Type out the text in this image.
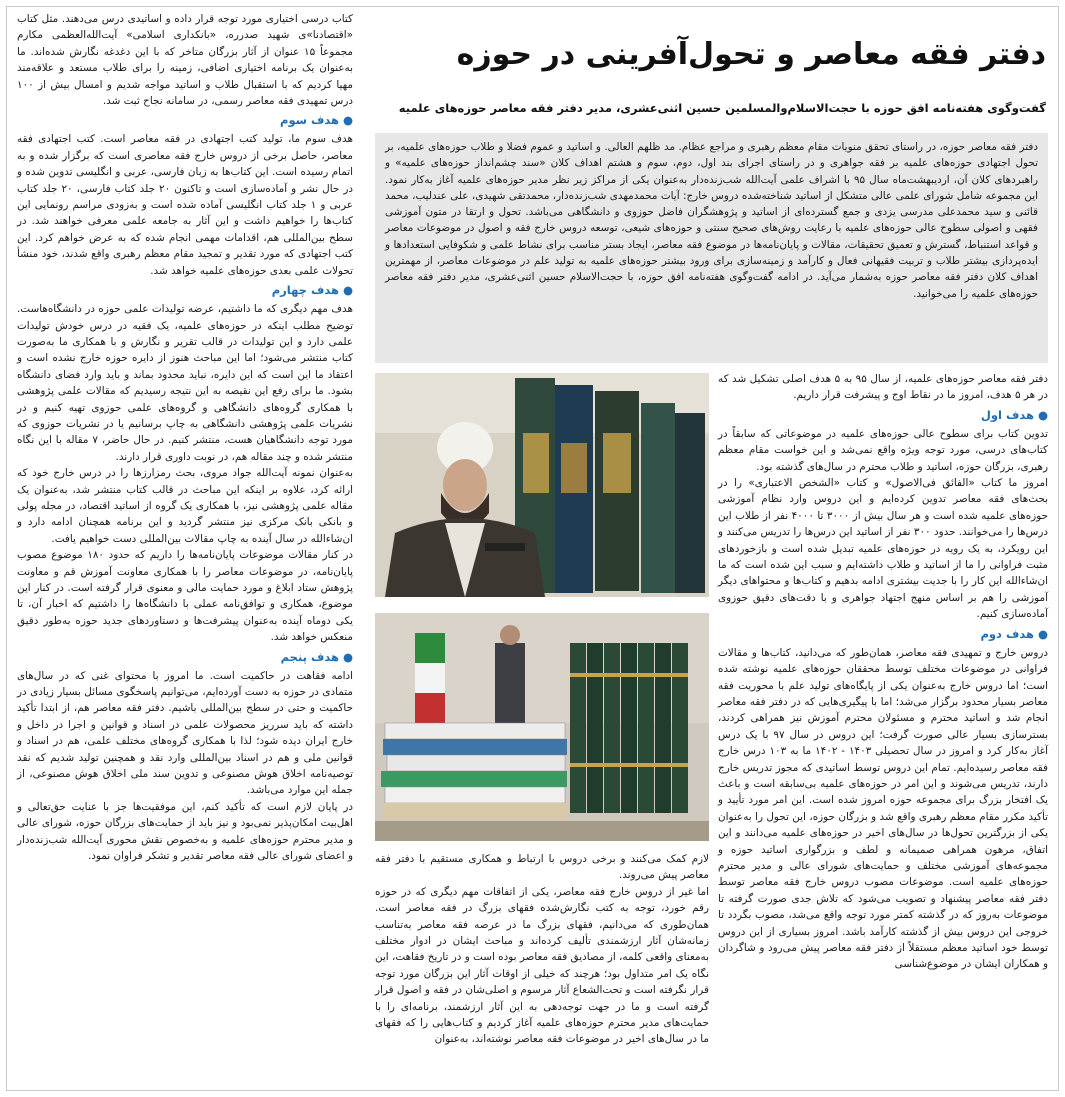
دفتر فقه معاصر و تحول‌آفرینی در حوزه
گفت‌وگوی هفته‌نامه افق حوزه با حجت‌الاسلام‌والمسلمین حسین اثنی‌عشری، مدیر دفتر فقه معاصر حوزه‌های علمیه

دفتر فقه معاصر حوزه، در راستای تحقق منویات مقام معظم رهبری و مراجع عظام. مد ظلهم العالی. و اساتید و عموم فضلا و طلاب حوزه‌های علمیه، بر تحول اجتهادی حوزه‌های علمیه بر فقه جواهری و در راستای اجرای بند اول، دوم، سوم و هشتم اهداف کلان «سند چشم‌انداز حوزه‌های علمیه» و راهبردهای کلان آن، اردیبهشت‌ماه سال ۹۵ با اشراف علمی آیت‌الله شب‌زنده‌دار به‌عنوان یکی از مراکز زیر نظر مدیر حوزه‌های علمیه آغاز به‌کار نمود. این مجموعه شامل شورای علمی عالی متشکل از اساتید شناخته‌شده دروس خارج: آیات محمدمهدی شب‌زنده‌دار، محمدتقی شهیدی، علی عندلیب، محمد قائنی و سید محمدعلی مدرسی یزدی و جمع گسترده‌ای از اساتید و پژوهشگران فاضل حوزوی و دانشگاهی می‌باشد. تحول و ارتقا در متون آموزشی فقهی و اصولی سطوح عالی حوزه‌های علمیه با رعایت روش‌های صحیح سنتی و حوزه‌های شیعی، توسعه دروس خارج فقه و اصول در موضوعات معاصر و قواعد استنباط، گسترش و تعمیق تحقیقات، مقالات و پایان‌نامه‌ها در موضوع فقه معاصر، ایجاد بستر مناسب برای نشاط علمی و شکوفایی استعدادها و ایده‌پردازی بیشتر طلاب و تربیت فقیهانی فعال و کارآمد و زمینه‌سازی برای ورود بیشتر حوزه‌های علمیه به تولید علم در موضوعات معاصر، از مهمترین اهداف کلان دفتر فقه معاصر حوزه به‌شمار می‌آید. در ادامه گفت‌وگوی هفته‌نامه افق حوزه، با حجت‌الاسلام حسین اثنی‌عشری، مدیر دفتر فقه معاصر حوزه‌های علمیه را می‌خوانید.

کتاب درسی اختیاری مورد توجه قرار داده و اساتیدی درس می‌دهند. مثل کتاب «اقتصادنا»ی شهید صدرره، «بانکداری اسلامی» آیت‌الله‌العظمی مکارم مجموعاً ۱۵ عنوان از آثار بزرگان متاخر که با این دغدغه نگارش شده‌اند. ما به‌عنوان یک برنامه اختیاری اضافی، زمینه را برای طلاب مستعد و علاقه‌مند مهیا کردیم که با استقبال طلاب و اساتید مواجه شدیم و امسال بیش از ۱۰۰ درس تمهیدی فقه معاصر رسمی، در سامانه نجاح ثبت شد.

● هدف سوم

هدف سوم ما، تولید کتب اجتهادی در فقه معاصر است. کتب اجتهادی فقه معاصر، حاصل برخی از دروس خارج فقه معاصری است که برگزار شده و به اتمام رسیده است. این کتاب‌ها به زبان فارسی، عربی و انگلیسی تدوین شده و در حال نشر و آماده‌سازی است و تاکنون ۲۰ جلد کتاب فارسی، ۲۰ جلد کتاب عربی و ۱ جلد کتاب انگلیسی آماده شده است و به‌زودی مراسم رونمایی این کتاب‌ها را خواهیم داشت و این آثار به جامعه علمی معرفی خواهند شد. در سطح بین‌المللی هم، اقدامات مهمی انجام شده که به عرض خواهم کرد. این کتب اجتهادی که مورد تقدیر و تمجید مقام معظم رهبری واقع شدند، خود منشأ تحولات علمی بعدی حوزه‌های علمیه خواهد شد.

● هدف چهارم

هدف مهم دیگری که ما داشتیم، عرضه تولیدات علمی حوزه در دانشگاه‌هاست. توضیح مطلب اینکه در حوزه‌های علمیه، یک فقیه در درس خودش تولیدات علمی دارد و این تولیدات در قالب تقریر و نگارش و با همکاری ما به‌صورت کتاب منتشر می‌شود؛ اما این مباحث هنوز از دایره حوزه خارج نشده است و اعتقاد ما این است که این دایره، نباید محدود بماند و باید وارد فضای دانشگاه بشود. ما برای رفع این نقیصه به این نتیجه رسیدیم که مقالات علمی پژوهشی با همکاری گروه‌های دانشگاهی و گروه‌های علمی حوزوی تهیه کنیم و در نشریات علمی پژوهشی دانشگاهی به چاپ برسانیم یا در نشریات حوزوی که مورد توجه دانشگاهیان هست، منتشر کنیم. در حال حاضر، ۷ مقاله با این نگاه منتشر شده و چند مقاله هم، در نوبت داوری قرار دارند.

به‌عنوان نمونه آیت‌الله جواد مروی، بحث رمزارزها را در درس خارج خود که ارائه کرد، علاوه بر اینکه این مباحث در قالب کتاب منتشر شد، به‌عنوان یک مقاله علمی پژوهشی نیز، با همکاری یک گروه از اساتید اقتصاد، در مجله پولی و بانکی بانک مرکزی نیز منتشر گردید و این برنامه همچنان ادامه دارد و ان‌شاءالله در سال آینده به چاپ مقالات بین‌المللی دست خواهیم یافت.

در کنار مقالات موضوعات پایان‌نامه‌ها را داریم که حدود ۱۸۰ موضوع مصوب پایان‌نامه، در موضوعات معاصر را با همکاری معاونت آموزش قم و معاونت پژوهش ستاد ابلاغ و مورد حمایت مالی و معنوی قرار گرفته است. در کنار این موضوع، همکاری و توافق‌نامه عملی با دانشگاه‌ها را داشتیم که اخبار آن، تا یکی دوماه آینده به‌عنوان پیشرفت‌ها و دستاوردهای جدید حوزه به‌طور دقیق منعکس خواهد شد.

● هدف پنجم

ادامه فقاهت در حاکمیت است. ما امروز با محتوای غنی که در سال‌های متمادی در حوزه به دست آورده‌ایم، می‌توانیم پاسخگوی مسائل بسیار زیادی در حاکمیت و حتی در سطح بین‌المللی باشیم. دفتر فقه معاصر هم، از ابتدا تأکید داشته که باید سرریز محصولات علمی در اسناد و قوانین و اجرا در داخل و خارج ایران دیده شود؛ لذا با همکاری گروه‌های مختلف علمی، هم در اسناد و قوانین ملی و هم در اسناد بین‌المللی وارد نقد و همچنین تولید شدیم که نقد توصیه‌نامه اخلاق هوش مصنوعی و تدوین سند ملی اخلاق هوش مصنوعی، از جمله این موارد می‌باشد.

در پایان لازم است که تأکید کنم، این موفقیت‌ها جز با عنایت حق‌تعالی و اهل‌بیت امکان‌پذیر نمی‌بود و نیز باید از حمایت‌های بزرگان حوزه، شورای عالی و مدیر محترم حوزه‌های علمیه و به‌خصوص نقش محوری آیت‌الله شب‌زنده‌دار و اعضای شورای عالی فقه معاصر تقدیر و تشکر فراوان نمود.

دفتر فقه معاصر حوزه‌های علمیه، از سال ۹۵ به ۵ هدف اصلی تشکیل شد که در هر ۵ هدف، امروز ما در نقاط اوج و پیشرفت قرار داریم.

● هدف اول

تدوین کتاب برای سطوح عالی حوزه‌های علمیه در موضوعاتی که سابقاً در کتاب‌های درسی، مورد توجه ویژه واقع نمی‌شد و این خواست مقام معظم رهبری، بزرگان حوزه، اساتید و طلاب محترم در سال‌های گذشته بود.

امروز ما کتاب «الفائق فی‌الاصول» و کتاب «الشخص الاعتباری» را در بحث‌های فقه معاصر تدوین کرده‌ایم و این دروس وارد نظام آموزشی حوزه‌های علمیه شده است و هر سال بیش از ۳۰۰۰ تا ۴۰۰۰ نفر از طلاب این درس‌ها را می‌خوانند. حدود ۳۰۰ نفر از اساتید این درس‌ها را تدریس می‌کنند و این رویکرد، به یک رویه در حوزه‌های علمیه تبدیل شده است و بازخوردهای مثبت فراوانی را ما از اساتید و طلاب داشته‌ایم و سبب این شده است که ما ان‌شاءالله این کار را با جدیت بیشتری ادامه بدهیم و کتاب‌ها و محتواهای دیگر آموزشی را هم بر اساس منهج اجتهاد جواهری و با دقت‌های دقیق حوزوی آماده‌سازی کنیم.

● هدف دوم

دروس خارج و تمهیدی فقه معاصر، همان‌طور که می‌دانید، کتاب‌ها و مقالات فراوانی در موضوعات مختلف توسط محققان حوزه‌های علمیه نوشته شده است؛ اما دروس خارج به‌عنوان یکی از پایگاه‌های تولید علم با محوریت فقه معاصر بسیار محدود برگزار می‌شد؛ اما با پیگیری‌هایی که در دفتر فقه معاصر انجام شد و اساتید محترم و مسئولان محترم آموزش نیز همراهی کردند، بسترسازی بسیار عالی صورت گرفت؛ این دروس در سال ۹۷ با یک درس آغاز به‌کار کرد و امروز در سال تحصیلی ۱۴۰۳ - ۱۴۰۲ ما به ۱۰۳ درس خارج فقه معاصر رسیده‌ایم. تمام این دروس توسط اساتیدی که مجوز تدریس خارج دارند، تدریس می‌شوند و این امر در حوزه‌های علمیه بی‌سابقه است و باعث یک افتخار بزرگ برای مجموعه حوزه امروز شده است. این امر مورد تأیید و تأکید مکرر مقام معظم رهبری واقع شد و بزرگان حوزه، این تحول را به‌عنوان یکی از بزرگترین تحول‌ها در سال‌های اخیر در حوزه‌های علمیه می‌دانند و این اتفاق، مرهون همراهی صمیمانه و لطف و بزرگواری اساتید حوزه و مجموعه‌های آموزشی مختلف و حمایت‌های شورای عالی و مدیر محترم حوزه‌های علمیه است. موضوعات مصوب دروس خارج فقه معاصر توسط دفتر فقه معاصر پیشنهاد و تصویب می‌شود که تلاش جدی صورت گرفته تا موضوعات به‌روز که در گذشته کمتر مورد توجه واقع می‌شد، مصوب بگردد تا خروجی این دروس بیش از گذشته کارآمد باشد. امروز بسیاری از این دروس توسط خود اساتید معظم مستقلاً از دفتر فقه معاصر پیش می‌رود و شاگردان و همکاران ایشان در موضوع‌شناسی

لازم کمک می‌کنند و برخی دروس با ارتباط و همکاری مستقیم با دفتر فقه معاصر پیش می‌روند.

اما غیر از دروس خارج فقه معاصر، یکی از اتفاقات مهم دیگری که در حوزه رقم خورد، توجه به کتب نگارش‌شده فقهای بزرگ در فقه معاصر است. همان‌طوری که می‌دانیم، فقهای بزرگ ما در عرصه فقه معاصر به‌تناسب زمانه‌شان آثار ارزشمندی تألیف کرده‌اند و مباحث ایشان در ادوار مختلف به‌معنای واقعی کلمه، از مصادیق فقه معاصر بوده است و در تاریخ فقاهت، این نگاه یک امر متداول بود؛ هرچند که خیلی از اوقات آثار این بزرگان مورد توجه قرار نگرفته است و تحت‌الشعاع آثار مرسوم و اصلی‌شان در فقه و اصول قرار گرفته است و ما در جهت توجه‌دهی به این آثار ارزشمند، برنامه‌ای را با حمایت‌های مدیر محترم حوزه‌های علمیه آغاز کردیم و کتاب‌هایی را که فقهای ما در سال‌های اخیر در موضوعات فقه معاصر نوشته‌اند، به‌عنوان
